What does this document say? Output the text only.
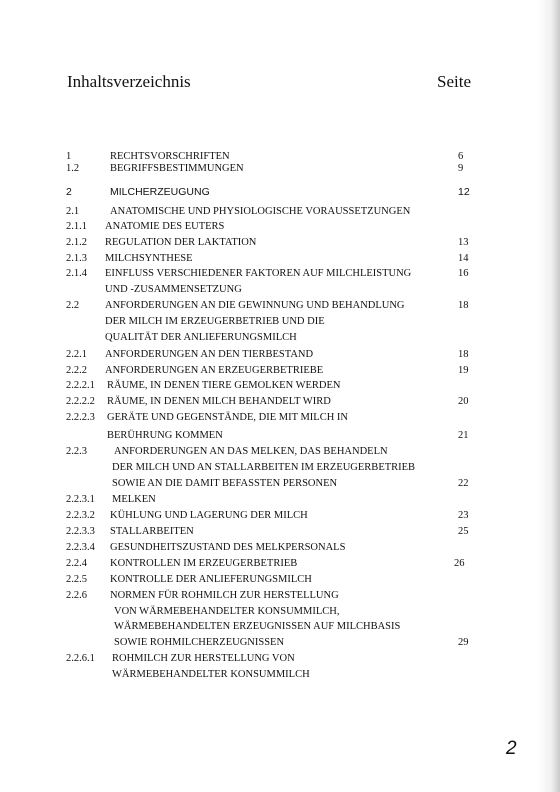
Inhaltsverzeichnis	Seite
1	RECHTSVORSCHRIFTEN	6
1.2	BEGRIFFSBESTIMMUNGEN	9
2	MILCHERZEUGUNG	12
2.1	ANATOMISCHE UND PHYSIOLOGISCHE VORAUSSETZUNGEN
2.1.1 ANATOMIE DES EUTERS
2.1.2 REGULATION DER LAKTATION	13
2.1.3 MILCHSYNTHESE	14
2.1.4 EINFLUSS VERSCHIEDENER FAKTOREN AUF MILCHLEISTUNG	16
UND -ZUSAMMENSETZUNG
2.2 ANFORDERUNGEN AN DIE GEWINNUNG UND BEHANDLUNG	18
DER MILCH IM ERZEUGERBETRIEB UND DIE
QUALITÄT DER ANLIEFERUNGSMILCH
2.2.1 ANFORDERUNGEN AN DEN TIERBESTAND	18
2.2.2 ANFORDERUNGEN AN ERZEUGERBETRIEBE	19
2.2.2.1 RÄUME, IN DENEN TIERE GEMOLKEN WERDEN
2.2.2.2 RÄUME, IN DENEN MILCH BEHANDELT WIRD	20
2.2.2.3 GERÄTE UND GEGENSTÄNDE, DIE MIT MILCH IN
BERÜHRUNG KOMMEN	21
2.2.3	ANFORDERUNGEN AN DAS MELKEN, DAS BEHANDELN
DER MILCH UND AN STALLARBEITEN IM ERZEUGERBETRIEB
SOWIE AN DIE DAMIT BEFASSTEN PERSONEN	22
2.2.3.1 MELKEN
2.2.3.2 KÜHLUNG UND LAGERUNG DER MILCH	23
2.2.3.3 STALLARBEITEN	25
2.2.3.4 GESUNDHEITSZUSTAND DES MELKPERSONALS
2.2.4 KONTROLLEN IM ERZEUGERBETRIEB	26
2.2.5 KONTROLLE DER ANLIEFERUNGSMILCH
2.2.6 NORMEN FÜR ROHMILCH ZUR HERSTELLUNG
VON WÄRMEBEHANDELTER KONSUMMILCH,
WÄRMEBEHANDELTEN ERZEUGNISSEN AUF MILCHBASIS
SOWIE ROHMILCHERZEUGNISSEN	29
2.2.6.1 ROHMILCH ZUR HERSTELLUNG VON
WÄRMEBEHANDELTER KONSUMMILCH
2
